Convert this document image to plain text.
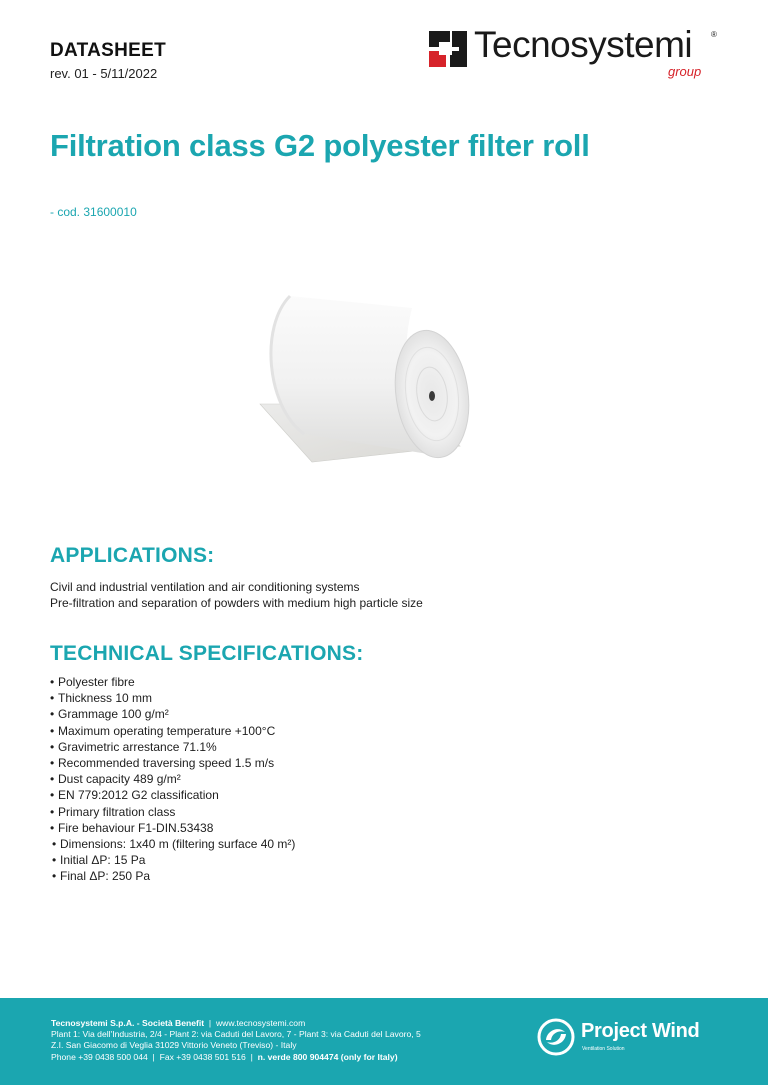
DATASHEET
rev. 01 - 5/11/2022
Tecnosystemi ®
group
Filtration class G2 polyester filter roll
- cod. 31600010
APPLICATIONS:
Civil and industrial ventilation and air conditioning systems
Pre-filtration and separation of powders with medium high particle size
TECHNICAL SPECIFICATIONS:
• Polyester fibre
• Thickness 10 mm
• Grammage 100 g/m²
• Maximum operating temperature +100°C
• Gravimetric arrestance 71.1%
• Recommended traversing speed 1.5 m/s
• Dust capacity 489 g/m²
• EN 779:2012 G2 classification
• Primary filtration class
• Fire behaviour F1-DIN.53438
• Dimensions: 1x40 m (filtering surface 40 m²)
• Initial ΔP: 15 Pa
• Final ΔP: 250 Pa
Tecnosystemi S.p.A. - Società Benefit  |  www.tecnosystemi.com
Plant 1: Via dell'Industria, 2/4 - Plant 2: via Caduti del Lavoro, 7 - Plant 3: via Caduti del Lavoro, 5
Z.I. San Giacomo di Veglia 31029 Vittorio Veneto (Treviso) - Italy
Phone +39 0438 500 044  |  Fax +39 0438 501 516  |  n. verde 800 904474 (only for Italy)
Project Wind
Ventilation Solution
